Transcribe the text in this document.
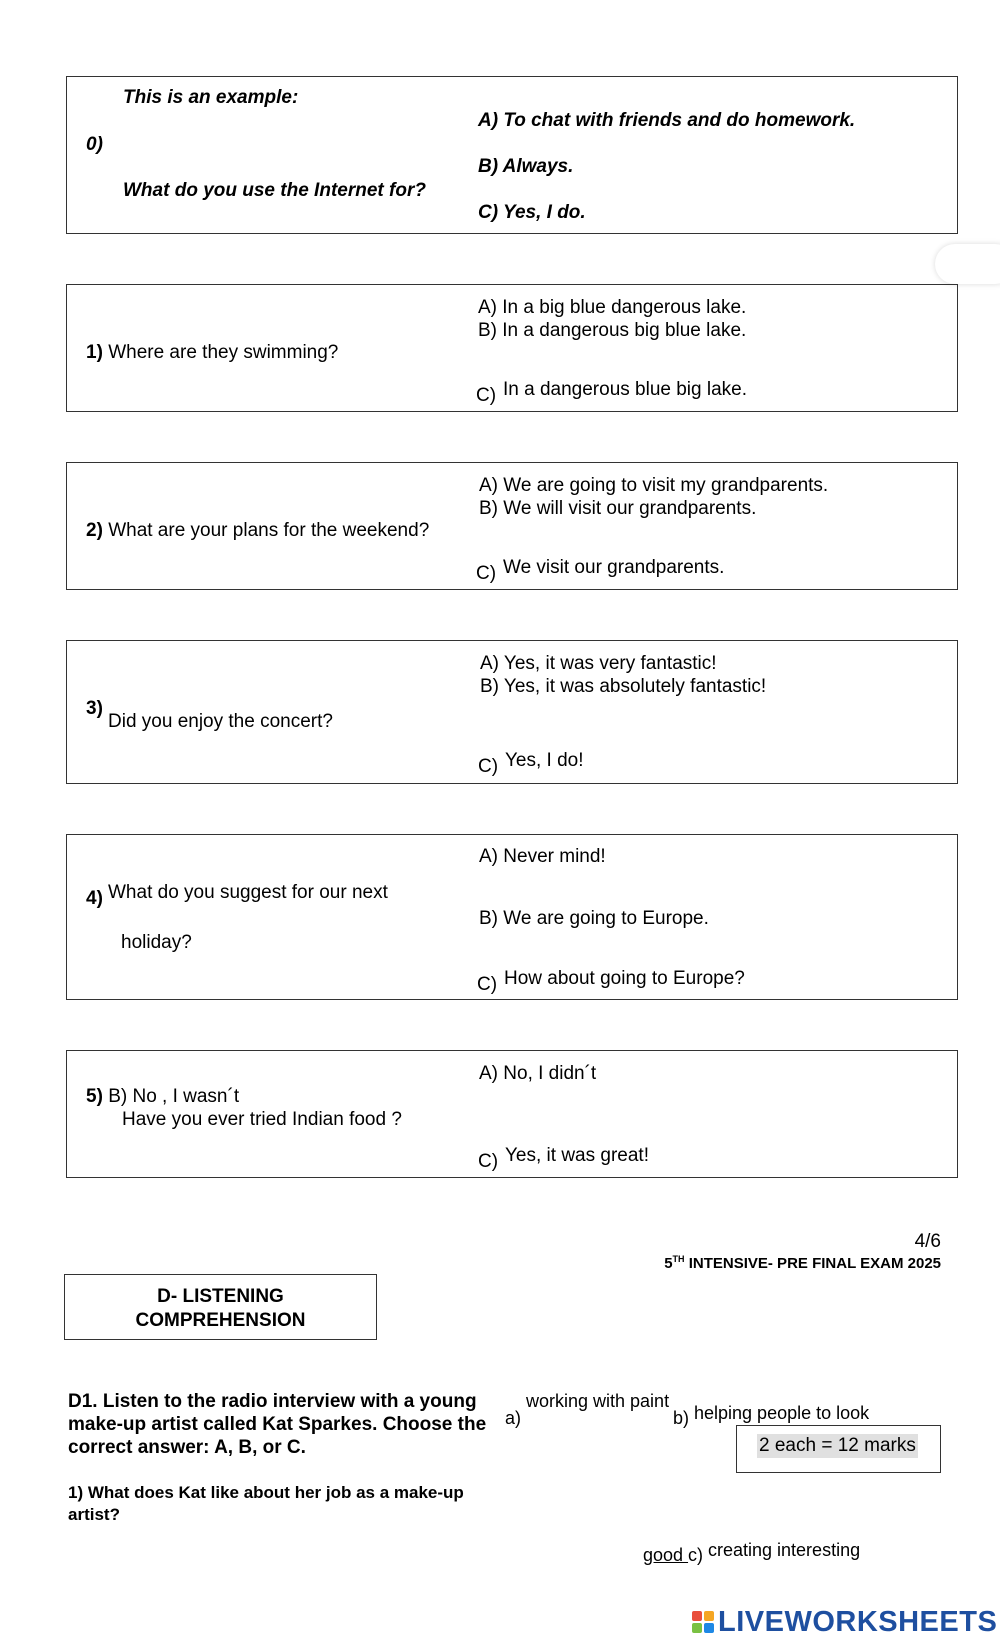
This is an example:
0)
What do you use the Internet for?
A) To chat with friends and do homework.
B) Always.
C) Yes, I do.
1) Where are they swimming?
A) In a big blue dangerous lake.
B) In a dangerous big blue lake.
C) In a dangerous blue big lake.
2) What are your plans for the weekend?
A) We are going to visit my grandparents.
B) We will visit our grandparents.
C) We visit our grandparents.
3)
Did you enjoy the concert?
A) Yes, it was very fantastic!
B) Yes, it was absolutely fantastic!
C) Yes, I do!
4) What do you suggest for our next
holiday?
A) Never mind!
B) We are going to Europe.
C) How about going to Europe?
5) B) No , I wasn´t
Have you ever tried Indian food ?
A) No, I didn´t
C) Yes, it was great!
4/6
5TH INTENSIVE- PRE FINAL EXAM 2025
D- LISTENING
COMPREHENSION
D1. Listen to the radio interview with a young make-up artist called Kat Sparkes. Choose the correct answer: A, B, or C.
1) What does Kat like about her job as a make-up artist?
a)
working with paint
b) helping people to look
good c) creating interesting
2 each = 12 marks
LIVEWORKSHEETS
